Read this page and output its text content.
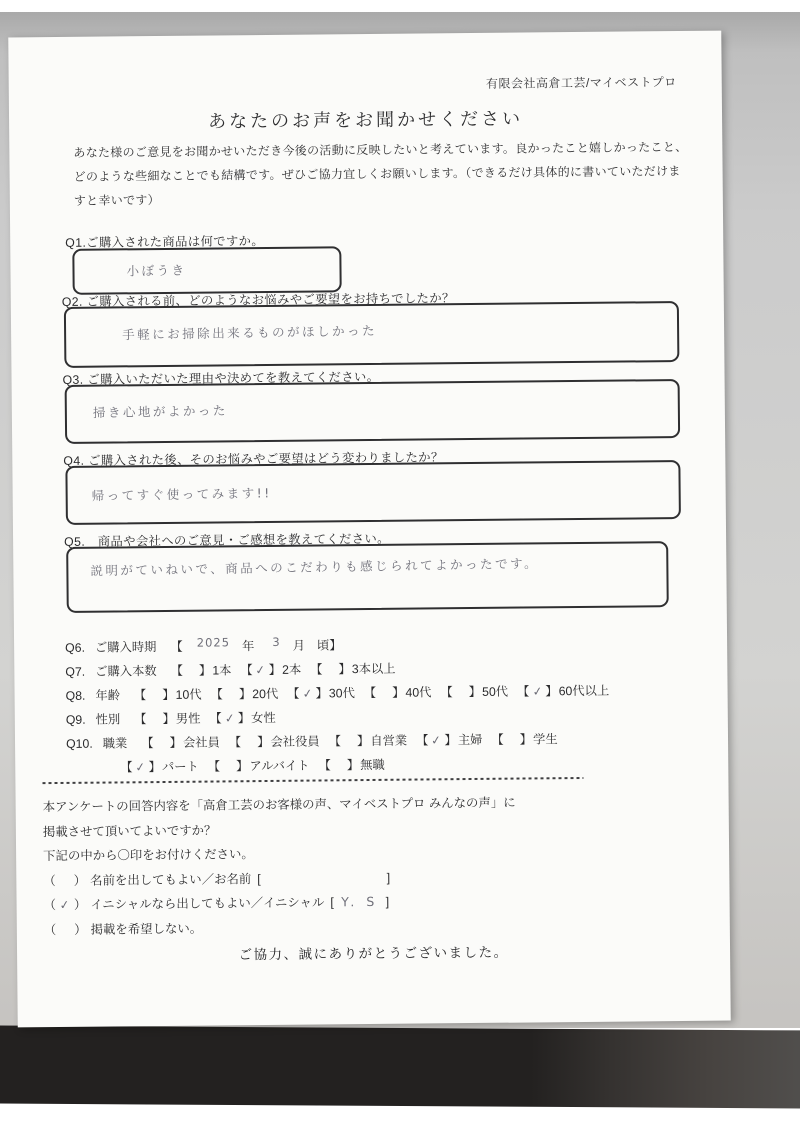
有限会社高倉工芸/マイベストプロ
あなたのお声をお聞かせください
あなた様のご意見をお聞かせいただき今後の活動に反映したいと考えています。良かったこと嬉しかったこと、
どのような些細なことでも結構です。ぜひご協力宜しくお願いします。（できるだけ具体的に書いていただけま
すと幸いです）
Q1.ご購入された商品は何ですか。
小ぼうき
Q2. ご購入される前、どのようなお悩みやご要望をお持ちでしたか？
手軽にお掃除出来るものがほしかった
Q3. ご購入いただいた理由や決めてを教えてください。
掃き心地がよかった
Q4. ご購入された後、そのお悩みやご要望はどう変わりましたか？
帰ってすぐ使ってみます!!
Q5.　商品や会社へのご意見・ご感想を教えてください。
説明がていねいで、商品へのこだわりも感じられてよかったです。
Q6. ご購入時期 【 2025 年 3 月 頃 】
Q7. ご購入本数 【 】1本 【 ✓ 】2本 【 】3本以上
Q8. 年齢 【 】10代 【 】20代 【 ✓ 】30代 【 】40代 【 】50代 【 ✓ 】60代以上
Q9. 性別 【 】男性 【 ✓ 】女性
Q10. 職業 【 】会社員 【 】会社役員 【 】自営業 【 ✓ 】主婦 【 】学生
【 ✓ 】パート 【 】アルバイト 【 】無職
本アンケートの回答内容を「高倉工芸のお客様の声、マイベストプロ みんなの声」に
掲載させて頂いてよいですか？
下記の中から〇印をお付けください。
（ ） 名前を出してもよい／お名前 [	]
（ ✓ ） イニシャルなら出してもよい／イニシャル [ Y. S ]
（ ） 掲載を希望しない。
ご協力、誠にありがとうございました。
